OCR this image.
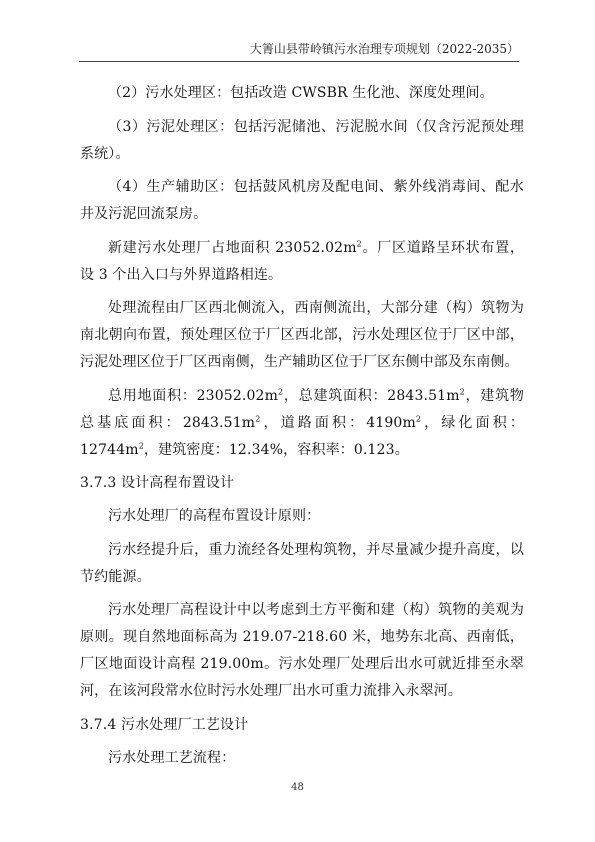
大箐山县带岭镇污水治理专项规划（2022-2035）

（2）污水处理区：包括改造 CWSBR 生化池、深度处理间。

（3）污泥处理区：包括污泥储池、污泥脱水间（仅含污泥预处理系统）。

（4）生产辅助区：包括鼓风机房及配电间、紫外线消毒间、配水井及污泥回流泵房。

新建污水处理厂占地面积 $23052.02m^2$。厂区道路呈环状布置，设 3 个出入口与外界道路相连。

处理流程由厂区西北侧流入，西南侧流出，大部分建（构）筑物为南北朝向布置，预处理区位于厂区西北部，污水处理区位于厂区中部，污泥处理区位于厂区西南侧，生产辅助区位于厂区东侧中部及东南侧。

总用地面积：$23052.02m^2$，总建筑面积：$2843.51m^2$，建筑物总基底面积：$2843.51m^2$，道路面积：$4190m^2$，绿化面积：$12744m^2$，建筑密度：12.34%，容积率：0.123。

3.7.3 设计高程布置设计

污水处理厂的高程布置设计原则：

污水经提升后，重力流经各处理构筑物，并尽量减少提升高度，以节约能源。

污水处理厂高程设计中以考虑到土方平衡和建（构）筑物的美观为原则。现自然地面标高为 219.07-218.60 米，地势东北高、西南低，厂区地面设计高程 219.00m。污水处理厂处理后出水可就近排至永翠河，在该河段常水位时污水处理厂出水可重力流排入永翠河。

3.7.4 污水处理厂工艺设计

污水处理工艺流程：

48
